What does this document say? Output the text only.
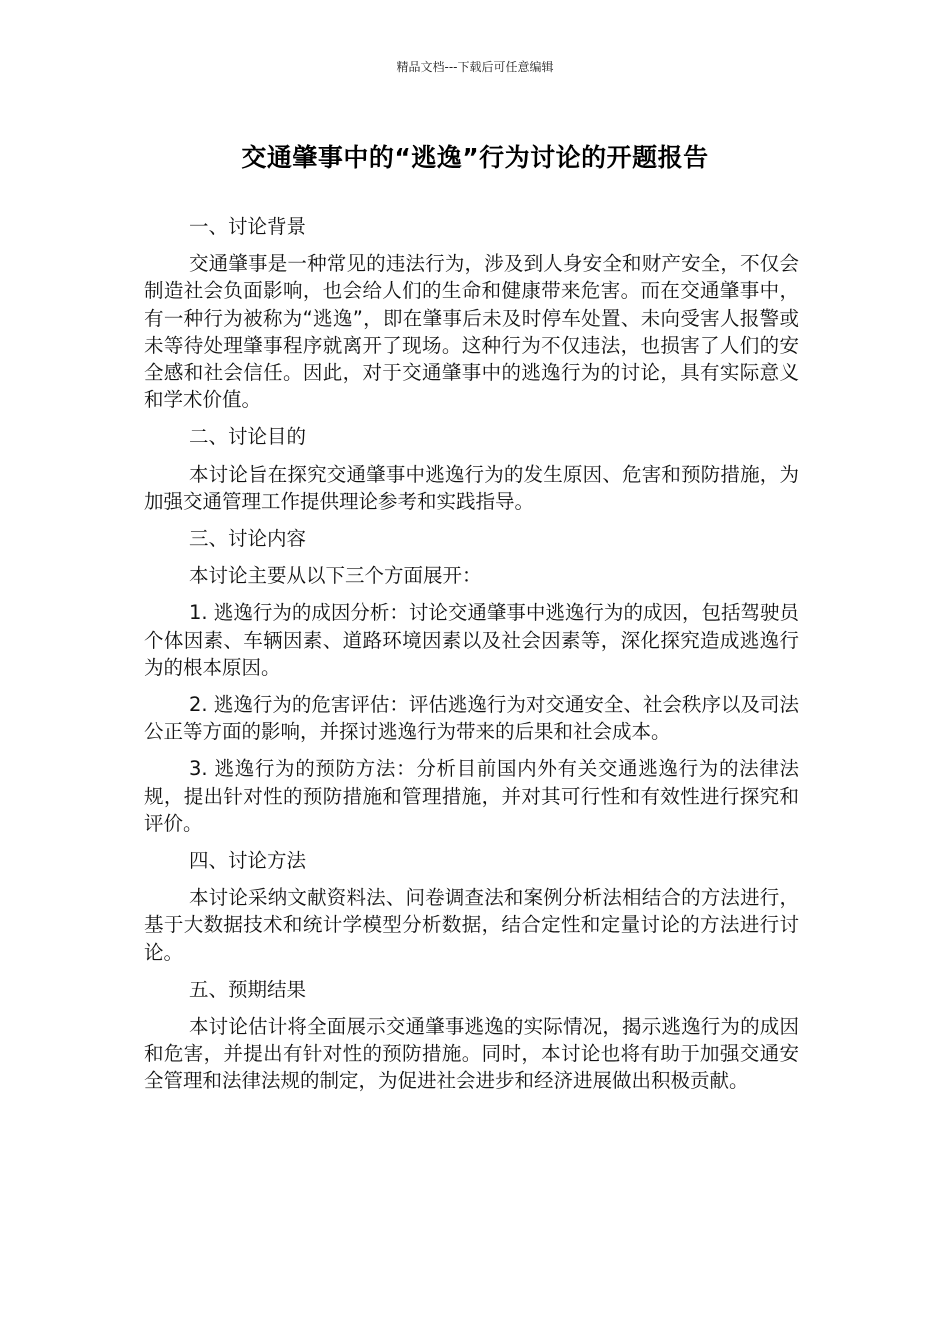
精品文档---下载后可任意编辑
交通肇事中的“逃逸”行为讨论的开题报告
一、讨论背景

交通肇事是一种常见的违法行为，涉及到人身安全和财产安全，不仅会制造社会负面影响，也会给人们的生命和健康带来危害。而在交通肇事中，有一种行为被称为“逃逸”，即在肇事后未及时停车处置、未向受害人报警或未等待处理肇事程序就离开了现场。这种行为不仅违法，也损害了人们的安全感和社会信任。因此，对于交通肇事中的逃逸行为的讨论，具有实际意义和学术价值。

二、讨论目的

本讨论旨在探究交通肇事中逃逸行为的发生原因、危害和预防措施，为加强交通管理工作提供理论参考和实践指导。

三、讨论内容

本讨论主要从以下三个方面展开：

1. 逃逸行为的成因分析：讨论交通肇事中逃逸行为的成因，包括驾驶员个体因素、车辆因素、道路环境因素以及社会因素等，深化探究造成逃逸行为的根本原因。

2. 逃逸行为的危害评估：评估逃逸行为对交通安全、社会秩序以及司法公正等方面的影响，并探讨逃逸行为带来的后果和社会成本。

3. 逃逸行为的预防方法：分析目前国内外有关交通逃逸行为的法律法规，提出针对性的预防措施和管理措施，并对其可行性和有效性进行探究和评价。

四、讨论方法

本讨论采纳文献资料法、问卷调查法和案例分析法相结合的方法进行，基于大数据技术和统计学模型分析数据，结合定性和定量讨论的方法进行讨论。

五、预期结果

本讨论估计将全面展示交通肇事逃逸的实际情况，揭示逃逸行为的成因和危害，并提出有针对性的预防措施。同时，本讨论也将有助于加强交通安全管理和法律法规的制定，为促进社会进步和经济进展做出积极贡献。
